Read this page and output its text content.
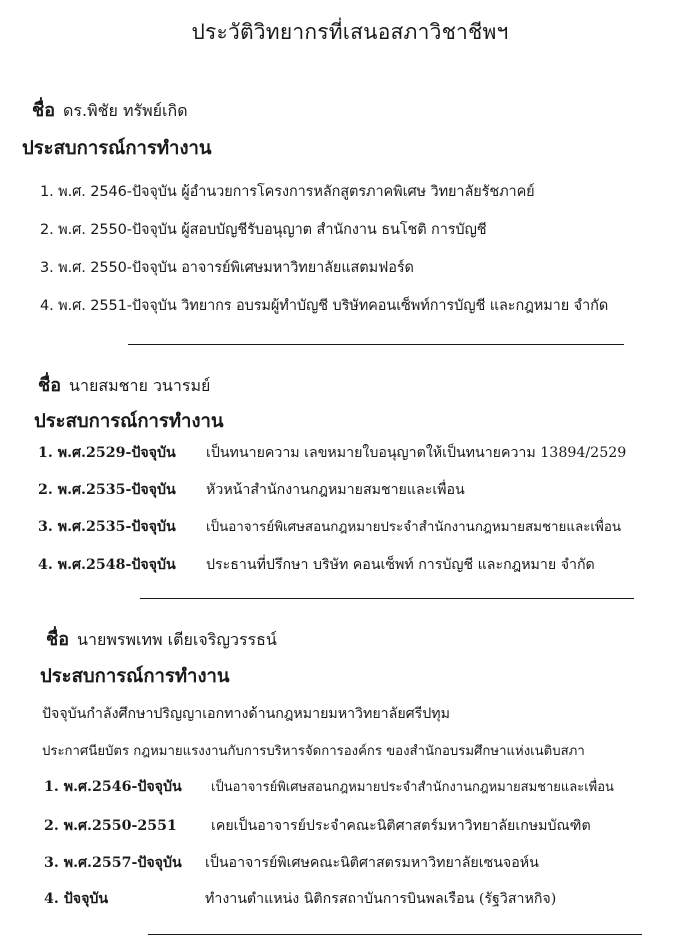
ประวัติวิทยากรที่เสนอสภาวิชาชีพฯ
ชื่อ ดร.พิชัย ทรัพย์เกิด
ประสบการณ์การทำงาน
1. พ.ศ. 2546-ปัจจุบัน ผู้อำนวยการโครงการหลักสูตรภาคพิเศษ วิทยาลัยรัชภาคย์
2. พ.ศ. 2550-ปัจจุบัน ผู้สอบบัญชีรับอนุญาต สำนักงาน ธนโชติ การบัญชี
3. พ.ศ. 2550-ปัจจุบัน อาจารย์พิเศษมหาวิทยาลัยแสตมฟอร์ด
4. พ.ศ. 2551-ปัจจุบัน วิทยากร อบรมผู้ทำบัญชี บริษัทคอนเซ็พท์การบัญชี และกฎหมาย จำกัด
ชื่อ นายสมชาย วนารมย์
ประสบการณ์การทำงาน
1. พ.ศ.2529-ปัจจุบัน เป็นทนายความ เลขหมายใบอนุญาตให้เป็นทนายความ 13894/2529
2. พ.ศ.2535-ปัจจุบัน หัวหน้าสำนักงานกฎหมายสมชายและเพื่อน
3. พ.ศ.2535-ปัจจุบัน เป็นอาจารย์พิเศษสอนกฎหมายประจำสำนักงานกฎหมายสมชายและเพื่อน
4. พ.ศ.2548-ปัจจุบัน ประธานที่ปรึกษา บริษัท คอนเซ็พท์ การบัญชี และกฎหมาย จำกัด
ชื่อ นายพรพเทพ เตียเจริญวรรธน์
ประสบการณ์การทำงาน
ปัจจุบันกำลังศึกษาปริญญาเอกทางด้านกฎหมายมหาวิทยาลัยศรีปทุม
ประกาศนียบัตร กฎหมายแรงงานกับการบริหารจัดการองค์กร ของสำนักอบรมศึกษาแห่งเนติบสภา
1. พ.ศ.2546-ปัจจุบัน เป็นอาจารย์พิเศษสอนกฎหมายประจำสำนักงานกฎหมายสมชายและเพื่อน
2. พ.ศ.2550-2551 เคยเป็นอาจารย์ประจำคณะนิติศาสตร์มหาวิทยาลัยเกษมบัณฑิต
3. พ.ศ.2557-ปัจจุบัน เป็นอาจารย์พิเศษคณะนิติศาสตรมหาวิทยาลัยเซนจอห์น
4. ปัจจุบัน	ทำงานตำแหน่ง นิติกรสถาบันการบินพลเรือน (รัฐวิสาหกิจ)
